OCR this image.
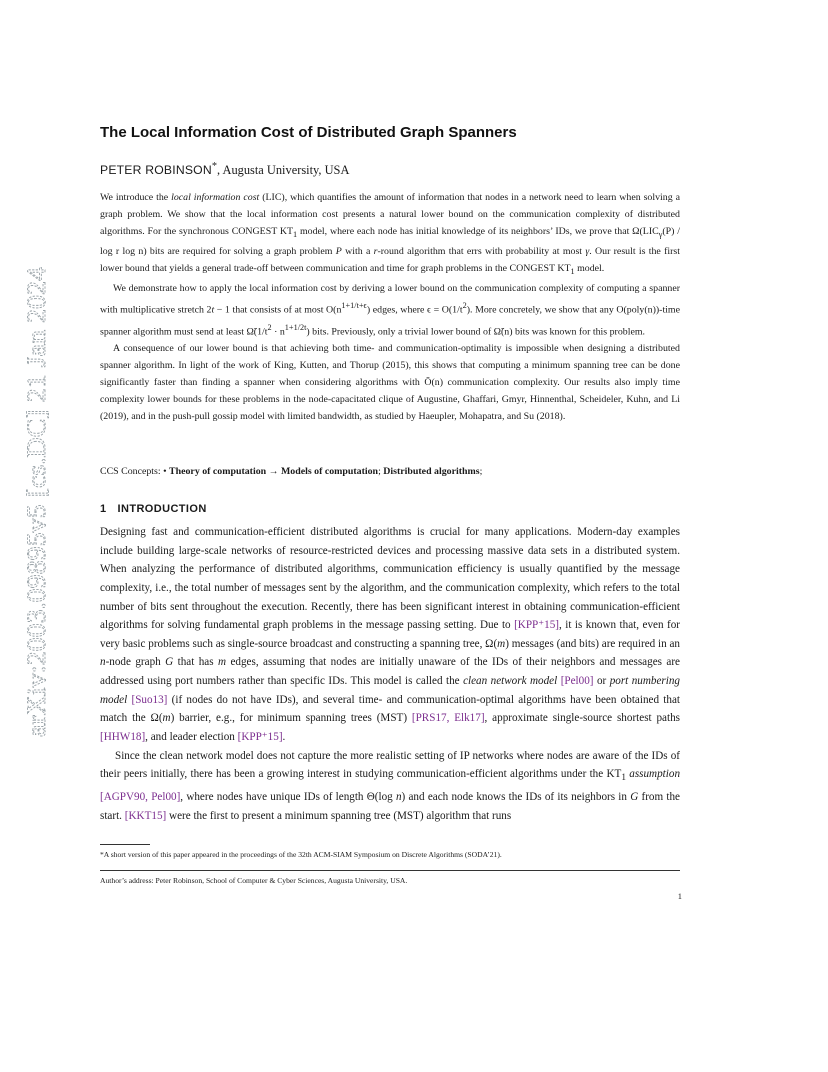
arXiv:2003.09895v5 [cs.DC] 21 Jan 2024
The Local Information Cost of Distributed Graph Spanners
PETER ROBINSON*, Augusta University, USA

We introduce the local information cost (LIC), which quantifies the amount of information that nodes in a network need to learn when solving a graph problem. We show that the local information cost presents a natural lower bound on the communication complexity of distributed algorithms. For the synchronous CONGEST $KT_1$ model, where each node has initial knowledge of its neighbors’ IDs, we prove that $\Omega(LIC_\gamma(P)$ / log r log n) bits are required for solving a graph problem P with a r-round algorithm that errs with probability at most γ. Our result is the first lower bound that yields a general trade-off between communication and time for graph problems in the CONGEST $KT_1$ model.

We demonstrate how to apply the local information cost by deriving a lower bound on the communication complexity of computing a spanner with multiplicative stretch 2t − 1 that consists of at most $O(n^{1+1/t+\epsilon})$ edges, where $\epsilon = O(1/t^2)$. More concretely, we show that any O(poly(n))-time spanner algorithm must send at least $\Omegã(1/t^2 \cdot n^{1+1/2t})$ bits. Previously, only a trivial lower bound of Ω̃(n) bits was known for this problem.

A consequence of our lower bound is that achieving both time- and communication-optimality is impossible when designing a distributed spanner algorithm. In light of the work of King, Kutten, and Thorup (2015), this shows that computing a minimum spanning tree can be done significantly faster than finding a spanner when considering algorithms with Õ(n) communication complexity. Our results also imply time complexity lower bounds for these problems in the node-capacitated clique of Augustine, Ghaffari, Gmyr, Hinnenthal, Scheideler, Kuhn, and Li (2019), and in the push-pull gossip model with limited bandwidth, as studied by Haeupler, Mohapatra, and Su (2018).

CCS Concepts: • Theory of computation → Models of computation; Distributed algorithms;
1 INTRODUCTION

Designing fast and communication-efficient distributed algorithms is crucial for many applications. Modern-day examples include building large-scale networks of resource-restricted devices and processing massive data sets in a distributed system. When analyzing the performance of distributed algorithms, communication efficiency is usually quantified by the message complexity, i.e., the total number of messages sent by the algorithm, and the communication complexity, which refers to the total number of bits sent throughout the execution. Recently, there has been significant interest in obtaining communication-efficient algorithms for solving fundamental graph problems in the message passing setting. Due to [KPP⁺15], it is known that, even for very basic problems such as single-source broadcast and constructing a spanning tree, Ω(m) messages (and bits) are required in an n-node graph G that has m edges, assuming that nodes are initially unaware of the IDs of their neighbors and messages are addressed using port numbers rather than specific IDs. This model is called the clean network model [Pel00] or port numbering model [Suo13] (if nodes do not have IDs), and several time- and communication-optimal algorithms have been obtained that match the Ω(m) barrier, e.g., for minimum spanning trees (MST) [PRS17, Elk17], approximate single-source shortest paths [HHW18], and leader election [KPP⁺15].

Since the clean network model does not capture the more realistic setting of IP networks where nodes are aware of the IDs of their peers initially, there has been a growing interest in studying communication-efficient algorithms under the $KT_1$ assumption [AGPV90, Pel00], where nodes have unique IDs of length Θ(log n) and each node knows the IDs of its neighbors in G from the start. [KKT15] were the first to present a minimum spanning tree (MST) algorithm that runs

*A short version of this paper appeared in the proceedings of the 32th ACM-SIAM Symposium on Discrete Algorithms (SODA’21).
Author’s address: Peter Robinson, School of Computer & Cyber Sciences, Augusta University, USA.
1
